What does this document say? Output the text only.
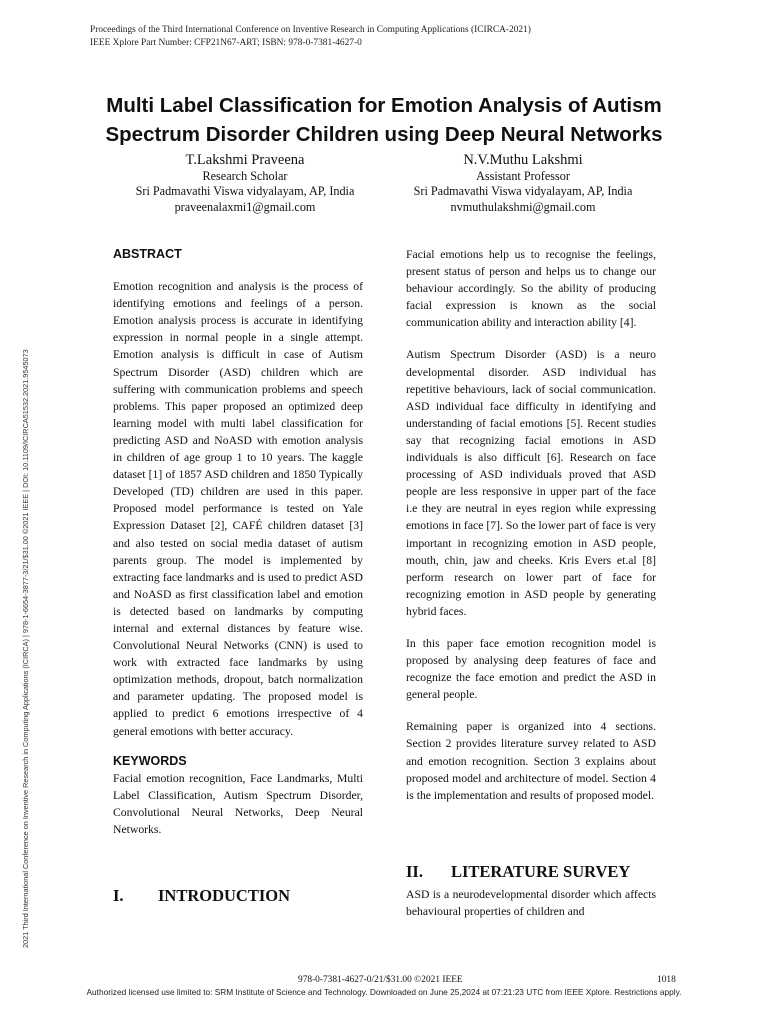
Proceedings of the Third International Conference on Inventive Research in Computing Applications (ICIRCA-2021)
IEEE Xplore Part Number: CFP21N67-ART; ISBN: 978-0-7381-4627-0
Multi Label Classification for Emotion Analysis of Autism
Spectrum Disorder Children using Deep Neural Networks
T.Lakshmi Praveena
Research Scholar
Sri Padmavathi Viswa vidyalayam, AP, India
praveenalaxmi1@gmail.com
N.V.Muthu Lakshmi
Assistant Professor
Sri Padmavathi Viswa vidyalayam, AP, India
nvmuthulakshmi@gmail.com
2021 Third International Conference on Inventive Research in Computing Applications (ICIRCA) | 978-1-6654-3877-3/21/$31.00 ©2021 IEEE | DOI: 10.1109/ICIRCA51532.2021.9545073
ABSTRACT

Emotion recognition and analysis is the process of identifying emotions and feelings of a person. Emotion analysis process is accurate in identifying expression in normal people in a single attempt. Emotion analysis is difficult in case of Autism Spectrum Disorder (ASD) children which are suffering with communication problems and speech problems. This paper proposed an optimized deep learning model with multi label classification for predicting ASD and NoASD with emotion analysis in children of age group 1 to 10 years. The kaggle dataset [1] of 1857 ASD children and 1850 Typically Developed (TD) children are used in this paper. Proposed model performance is tested on Yale Expression Dataset [2], CAFÉ children dataset [3] and also tested on social media dataset of autism parents group. The model is implemented by extracting face landmarks and is used to predict ASD and NoASD as first classification label and emotion is detected based on landmarks by computing internal and external distances by feature wise. Convolutional Neural Networks (CNN) is used to work with extracted face landmarks by using optimization methods, dropout, batch normalization and parameter updating. The proposed model is applied to predict 6 emotions irrespective of 4 general emotions with better accuracy.

KEYWORDS

Facial emotion recognition, Face Landmarks, Multi Label Classification, Autism Spectrum Disorder, Convolutional Neural Networks, Deep Neural Networks.

I. INTRODUCTION

Facial emotions help us to recognise the feelings, present status of person and helps us to change our behaviour accordingly. So the ability of producing facial expression is known as the social communication ability and interaction ability [4].

Autism Spectrum Disorder (ASD) is a neuro developmental disorder. ASD individual has repetitive behaviours, lack of social communication. ASD individual face difficulty in identifying and understanding of facial emotions [5]. Recent studies say that recognizing facial emotions in ASD individuals is also difficult [6]. Research on face processing of ASD individuals proved that ASD people are less responsive in upper part of the face i.e they are neutral in eyes region while expressing emotions in face [7]. So the lower part of face is very important in recognizing emotion in ASD people, mouth, chin, jaw and cheeks. Kris Evers et.al [8] perform research on lower part of face for recognizing emotion in ASD people by generating hybrid faces.

In this paper face emotion recognition model is proposed by analysing deep features of face and recognize the face emotion and predict the ASD in general people.

Remaining paper is organized into 4 sections. Section 2 provides literature survey related to ASD and emotion recognition. Section 3 explains about proposed model and architecture of model. Section 4 is the implementation and results of proposed model.

II. LITERATURE SURVEY

ASD is a neurodevelopmental disorder which affects behavioural properties of children and

978-0-7381-4627-0/21/$31.00 ©2021 IEEE	1018
Authorized licensed use limited to: SRM Institute of Science and Technology. Downloaded on June 25,2024 at 07:21:23 UTC from IEEE Xplore. Restrictions apply.
